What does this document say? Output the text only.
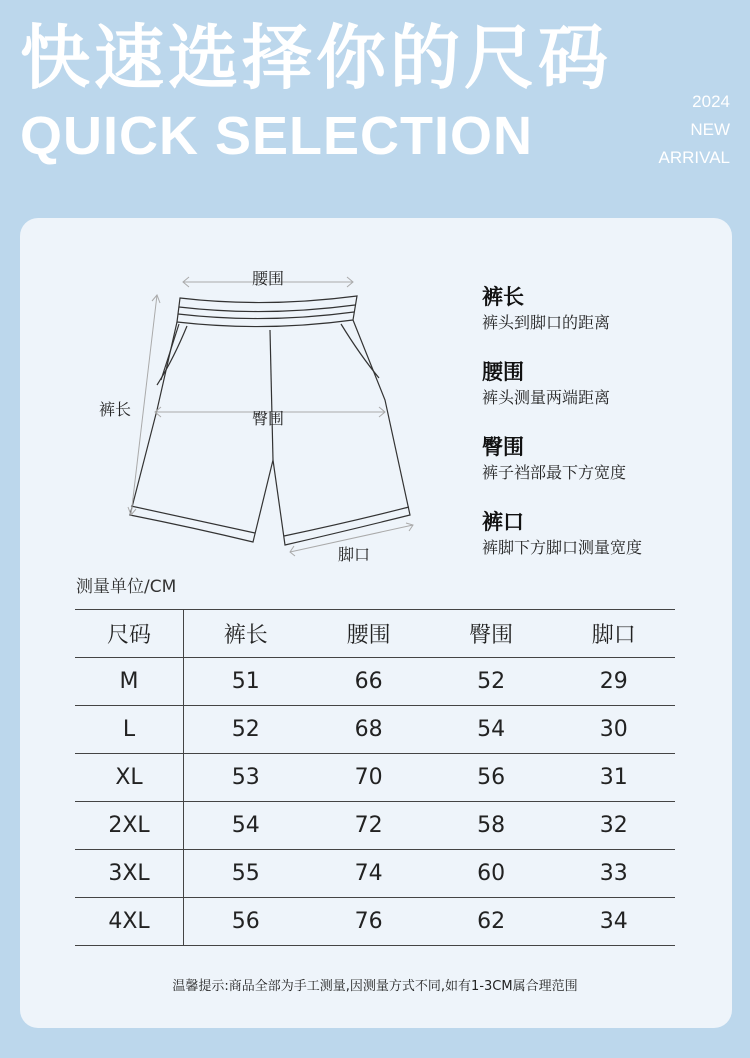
快速选择你的尺码
QUICK SELECTION
2024
NEW
ARRIVAL
腰围
裤长	臀围
脚口
裤长
裤头到脚口的距离
腰围
裤头测量两端距离
臀围
裤子裆部最下方宽度
裤口
裤脚下方脚口测量宽度
测量单位/CM
尺码	裤长	腰围	臀围	脚口
M	51	66	52	29
L	52	68	54	30
XL	53	70	56	31
2XL	54	72	58	32
3XL	55	74	60	33
4XL	56	76	62	34
温馨提示:商品全部为手工测量,因测量方式不同,如有1-3CM属合理范围
